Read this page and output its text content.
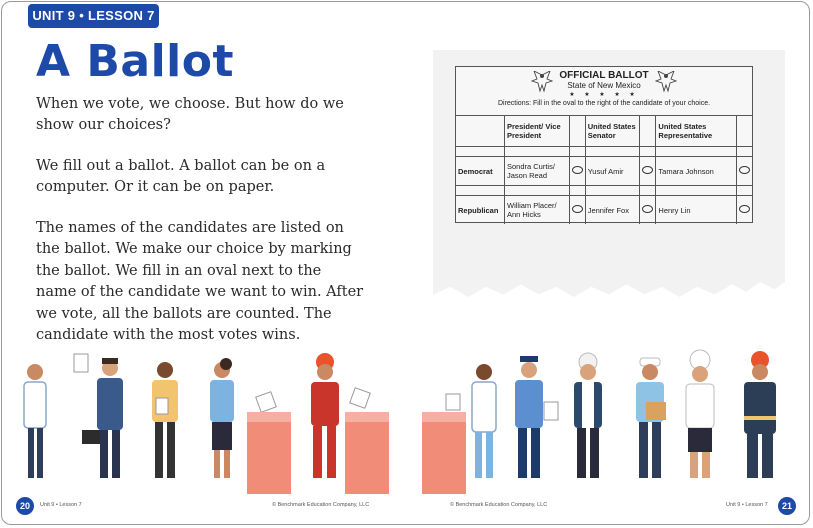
UNIT 9 • LESSON 7
A Ballot
When we vote, we choose. But how do we show our choices?
We fill out a ballot. A ballot can be on a computer. Or it can be on paper.
The names of the candidates are listed on the ballot. We make our choice by marking the ballot. We fill in an oval next to the name of the candidate we want to win. After we vote, all the ballots are counted. The candidate with the most votes wins.
OFFICIAL BALLOT
State of New Mexico
★ ★ ★ ★ ★
Directions: Fill in the oval to the right of the candidate of your choice.
	President/ Vice President		United States Senator		United States Representative	

Democrat	Sondra Curtis/ Jason Read		Yusuf Amir		Tamara Johnson	

Republican	William Placer/ Ann Hicks		Jennifer Fox		Henry Lin	
20	Unit 9 • Lesson 7	© Benchmark Education Company, LLC	© Benchmark Education Company, LLC	Unit 9 • Lesson 7	21
